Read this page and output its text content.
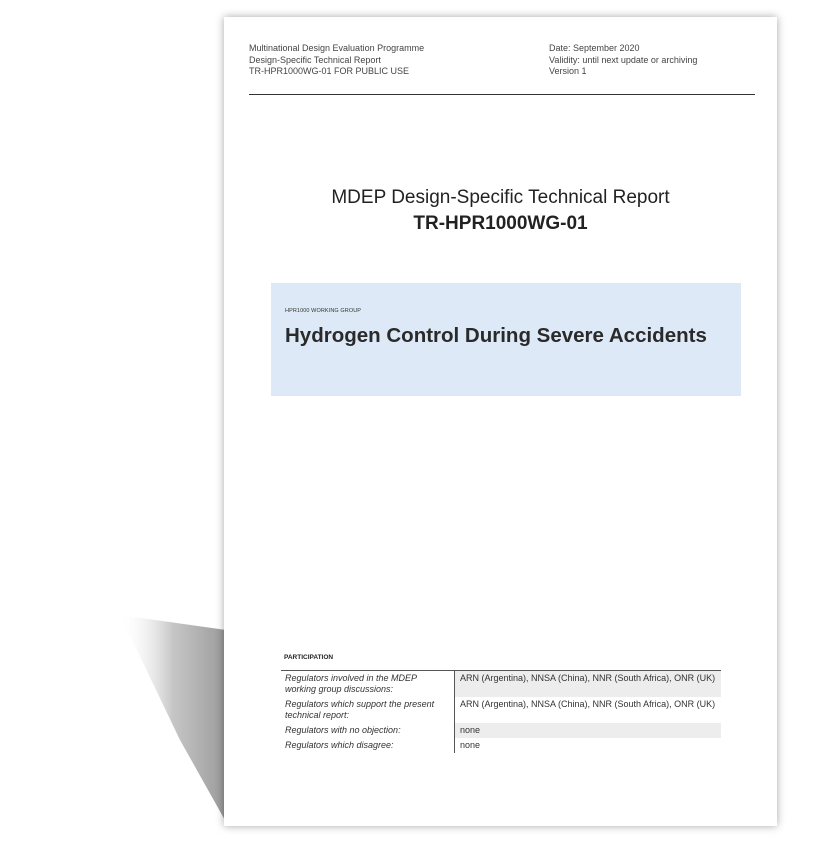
Multinational Design Evaluation Programme
Design-Specific Technical Report
TR-HPR1000WG-01 FOR PUBLIC USE
Date: September 2020
Validity: until next update or archiving
Version 1
MDEP Design-Specific Technical Report
TR-HPR1000WG-01
HPR1000 WORKING GROUP
Hydrogen Control During Severe Accidents
PARTICIPATION
Regulators involved in the MDEP working group discussions:
ARN (Argentina), NNSA (China), NNR (South Africa), ONR (UK)
Regulators which support the present technical report:
ARN (Argentina), NNSA (China), NNR (South Africa), ONR (UK)
Regulators with no objection:	none
Regulators which disagree:	none
